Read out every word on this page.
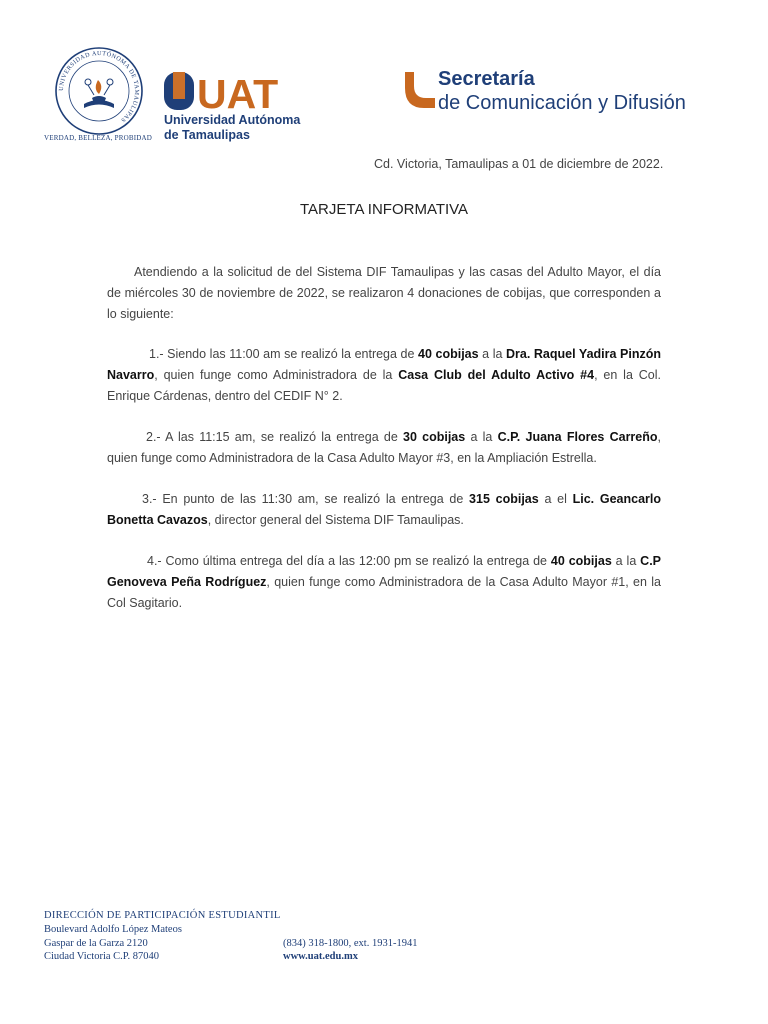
UNIVERSIDAD AUTÓNOMA DE TAMAULIPAS
VERDAD, BELLEZA, PROBIDAD
UAT
Universidad Autónoma
de Tamaulipas
Secretaría
de Comunicación y Difusión
Cd. Victoria, Tamaulipas a 01 de diciembre de 2022.
TARJETA INFORMATIVA
Atendiendo a la solicitud de del Sistema DIF Tamaulipas y las casas del Adulto Mayor, el día de miércoles 30 de noviembre de 2022, se realizaron 4 donaciones de cobijas, que corresponden a lo siguiente:
1.- Siendo las 11:00 am se realizó la entrega de 40 cobijas a la Dra. Raquel Yadira Pinzón Navarro, quien funge como Administradora de la Casa Club del Adulto Activo #4, en la Col. Enrique Cárdenas, dentro del CEDIF N° 2.
2.- A las 11:15 am, se realizó la entrega de 30 cobijas a la C.P. Juana Flores Carreño, quien funge como Administradora de la Casa Adulto Mayor #3, en la Ampliación Estrella.
3.- En punto de las 11:30 am, se realizó la entrega de 315 cobijas a el Lic. Geancarlo Bonetta Cavazos, director general del Sistema DIF Tamaulipas.
4.- Como última entrega del día a las 12:00 pm se realizó la entrega de 40 cobijas a la C.P Genoveva Peña Rodríguez, quien funge como Administradora de la Casa Adulto Mayor #1, en la Col Sagitario.
DIRECCIÓN DE PARTICIPACIÓN ESTUDIANTIL
Boulevard Adolfo López Mateos
Gaspar de la Garza 2120
Ciudad Victoria C.P. 87040
(834) 318-1800, ext. 1931-1941
www.uat.edu.mx
